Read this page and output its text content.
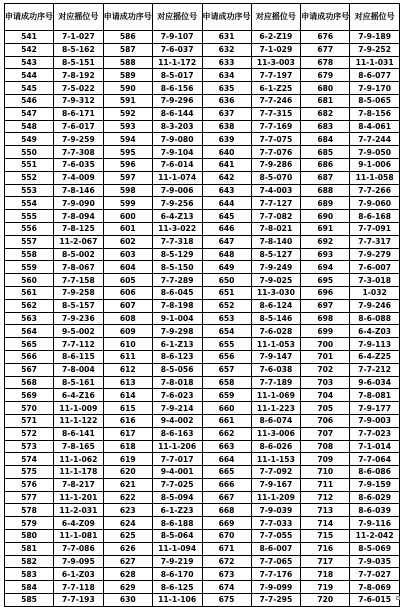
申请成功序号	对应摇位号	申请成功序号	对应摇位号	申请成功序号	对应摇位号	申请成功序号	对应摇位号
541	7-1-027	586	7-9-107	631	6-2-Z19	676	7-9-189
542	8-5-162	587	7-6-037	632	7-1-029	677	7-9-252
543	8-5-151	588	11-1-172	633	11-3-003	678	11-1-031
544	7-8-192	589	8-5-017	634	7-7-197	679	8-6-077
545	7-5-022	590	8-6-156	635	6-1-Z25	680	7-9-170
546	7-9-312	591	7-9-296	636	7-7-246	681	8-5-065
547	8-6-171	592	8-6-144	637	7-7-315	682	7-8-156
548	7-6-017	593	8-3-203	638	7-7-169	683	8-4-061
549	7-9-259	594	7-9-080	639	7-7-075	684	7-7-244
550	7-7-308	595	7-9-104	640	7-7-076	685	7-9-050
551	7-6-035	596	7-6-014	641	7-9-286	686	9-1-006
552	7-4-009	597	11-1-074	642	8-5-070	687	11-1-058
553	7-8-146	598	7-9-006	643	7-4-003	688	7-7-266
554	7-9-090	599	7-9-256	644	7-7-127	689	7-9-060
555	7-8-094	600	6-4-Z13	645	7-7-082	690	8-6-168
556	7-8-125	601	11-3-022	646	7-8-021	691	7-7-091
557	11-2-067	602	7-7-318	647	7-8-140	692	7-7-317
558	8-5-002	603	8-5-129	648	8-5-127	693	7-9-279
559	7-8-067	604	8-5-150	649	7-9-249	694	7-6-007
560	7-7-158	605	7-7-289	650	7-9-025	695	7-3-018
561	7-9-258	606	8-6-045	651	11-3-030	696	1-032
562	8-5-157	607	7-8-198	652	8-6-124	697	7-9-246
563	7-9-236	608	9-1-004	653	8-5-146	698	8-6-088
564	9-5-002	609	7-9-298	654	7-6-028	699	6-4-Z03
565	7-7-112	610	6-1-Z13	655	11-1-053	700	7-9-113
566	8-6-115	611	8-6-123	656	7-9-147	701	6-4-Z25
567	7-8-004	612	8-5-056	657	7-6-038	702	7-7-212
568	8-5-161	613	7-8-018	658	7-7-189	703	9-6-034
569	6-4-Z16	614	7-6-023	659	11-1-069	704	7-8-081
570	11-1-009	615	7-9-214	660	11-1-223	705	7-9-177
571	11-1-122	616	9-4-002	661	8-6-074	706	7-9-003
572	8-6-141	617	8-6-163	662	11-3-006	707	7-7-023
573	7-8-165	618	11-1-206	663	8-6-026	708	7-1-014
574	11-1-062	619	7-7-017	664	11-1-153	709	7-7-064
575	11-1-178	620	9-4-001	665	7-7-092	710	8-6-086
576	7-8-217	621	7-7-025	666	7-9-167	711	7-9-159
577	11-1-201	622	8-5-094	667	11-1-209	712	8-6-029
578	11-2-031	623	6-1-Z23	668	7-9-039	713	8-6-039
579	6-4-Z09	624	8-6-188	669	7-7-033	714	7-9-116
580	11-1-081	625	8-5-064	670	7-7-055	715	11-2-042
581	7-7-086	626	11-1-094	671	8-6-007	716	8-5-069
582	7-9-095	627	7-9-219	672	7-7-065	717	7-9-035
583	6-1-Z03	628	8-6-170	673	7-7-176	718	7-7-027
584	7-7-118	629	8-6-125	674	7-9-099	719	7-8-069
585	7-7-193	630	11-1-106	675	7-7-295	720	7-6-015
